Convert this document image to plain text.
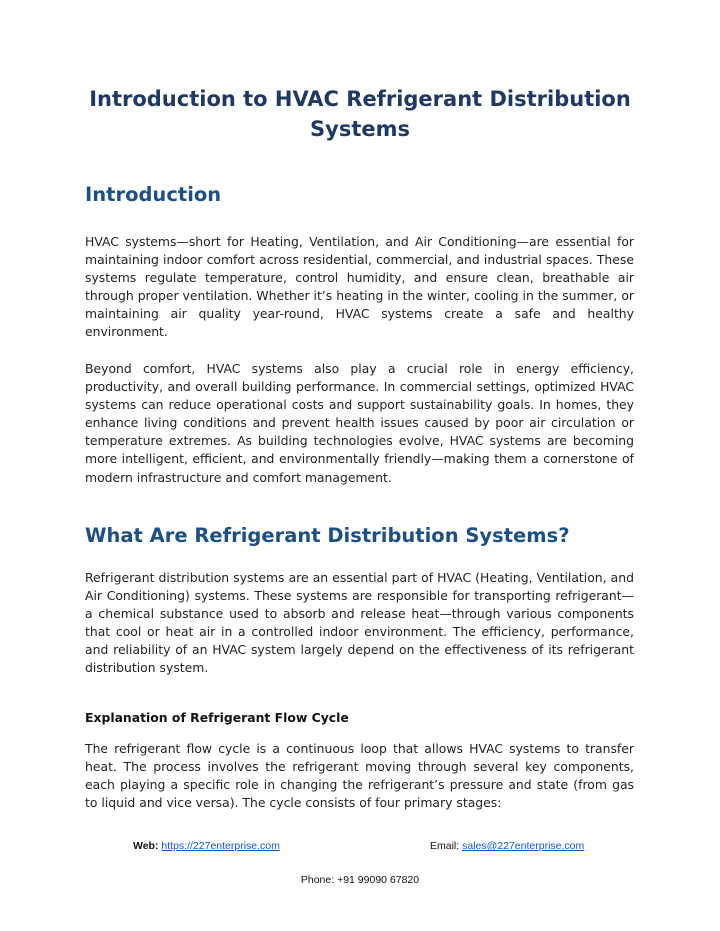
Introduction to HVAC Refrigerant Distribution Systems
Introduction

HVAC systems—short for Heating, Ventilation, and Air Conditioning—are essential for maintaining indoor comfort across residential, commercial, and industrial spaces. These systems regulate temperature, control humidity, and ensure clean, breathable air through proper ventilation. Whether it’s heating in the winter, cooling in the summer, or maintaining air quality year-round, HVAC systems create a safe and healthy environment.

Beyond comfort, HVAC systems also play a crucial role in energy efficiency, productivity, and overall building performance. In commercial settings, optimized HVAC systems can reduce operational costs and support sustainability goals. In homes, they enhance living conditions and prevent health issues caused by poor air circulation or temperature extremes. As building technologies evolve, HVAC systems are becoming more intelligent, efficient, and environmentally friendly—making them a cornerstone of modern infrastructure and comfort management.

What Are Refrigerant Distribution Systems?

Refrigerant distribution systems are an essential part of HVAC (Heating, Ventilation, and Air Conditioning) systems. These systems are responsible for transporting refrigerant—a chemical substance used to absorb and release heat—through various components that cool or heat air in a controlled indoor environment. The efficiency, performance, and reliability of an HVAC system largely depend on the effectiveness of its refrigerant distribution system.

Explanation of Refrigerant Flow Cycle

The refrigerant flow cycle is a continuous loop that allows HVAC systems to transfer heat. The process involves the refrigerant moving through several key components, each playing a specific role in changing the refrigerant’s pressure and state (from gas to liquid and vice versa). The cycle consists of four primary stages:

Web: https://227enterprise.com	Email: sales@227enterprise.com
Phone: +91 99090 67820
